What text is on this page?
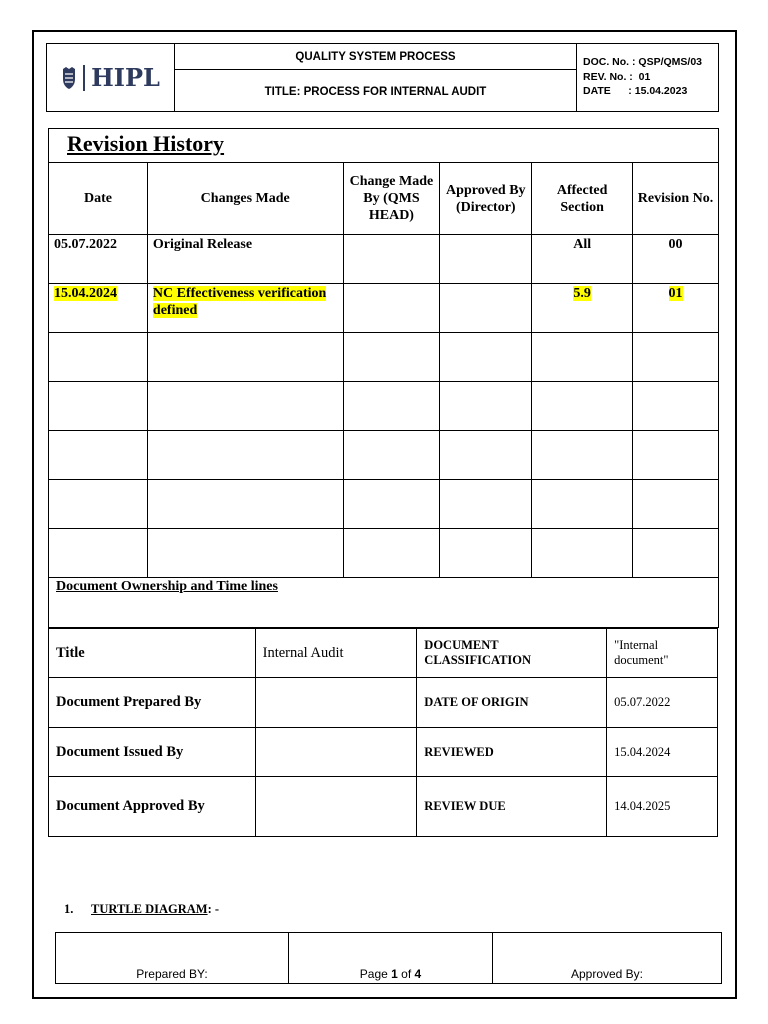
HIPL
QUALITY SYSTEM PROCESS
TITLE: PROCESS FOR INTERNAL AUDIT
DOC. No. :
QSP/QMS/03
REV. No. :
01
DATE      :
15.04.2023
Revision History					
Date	Changes Made	Change Made By (QMS HEAD)	Approved By (Director)	Affected Section	Revision No.
05.07.2022	Original Release			All	00
15.04.2024	NC Effectiveness verification defined			5.9	01

Document Ownership and Time lines					
Title	Internal Audit	DOCUMENT CLASSIFICATION	"Internal document"
Document Prepared By		DATE OF ORIGIN	05.07.2022
Document Issued By		REVIEWED	15.04.2024
Document Approved By		REVIEW DUE	14.04.2025
1. TURTLE DIAGRAM: -
Prepared BY:	Page 1 of 4	Approved By:
